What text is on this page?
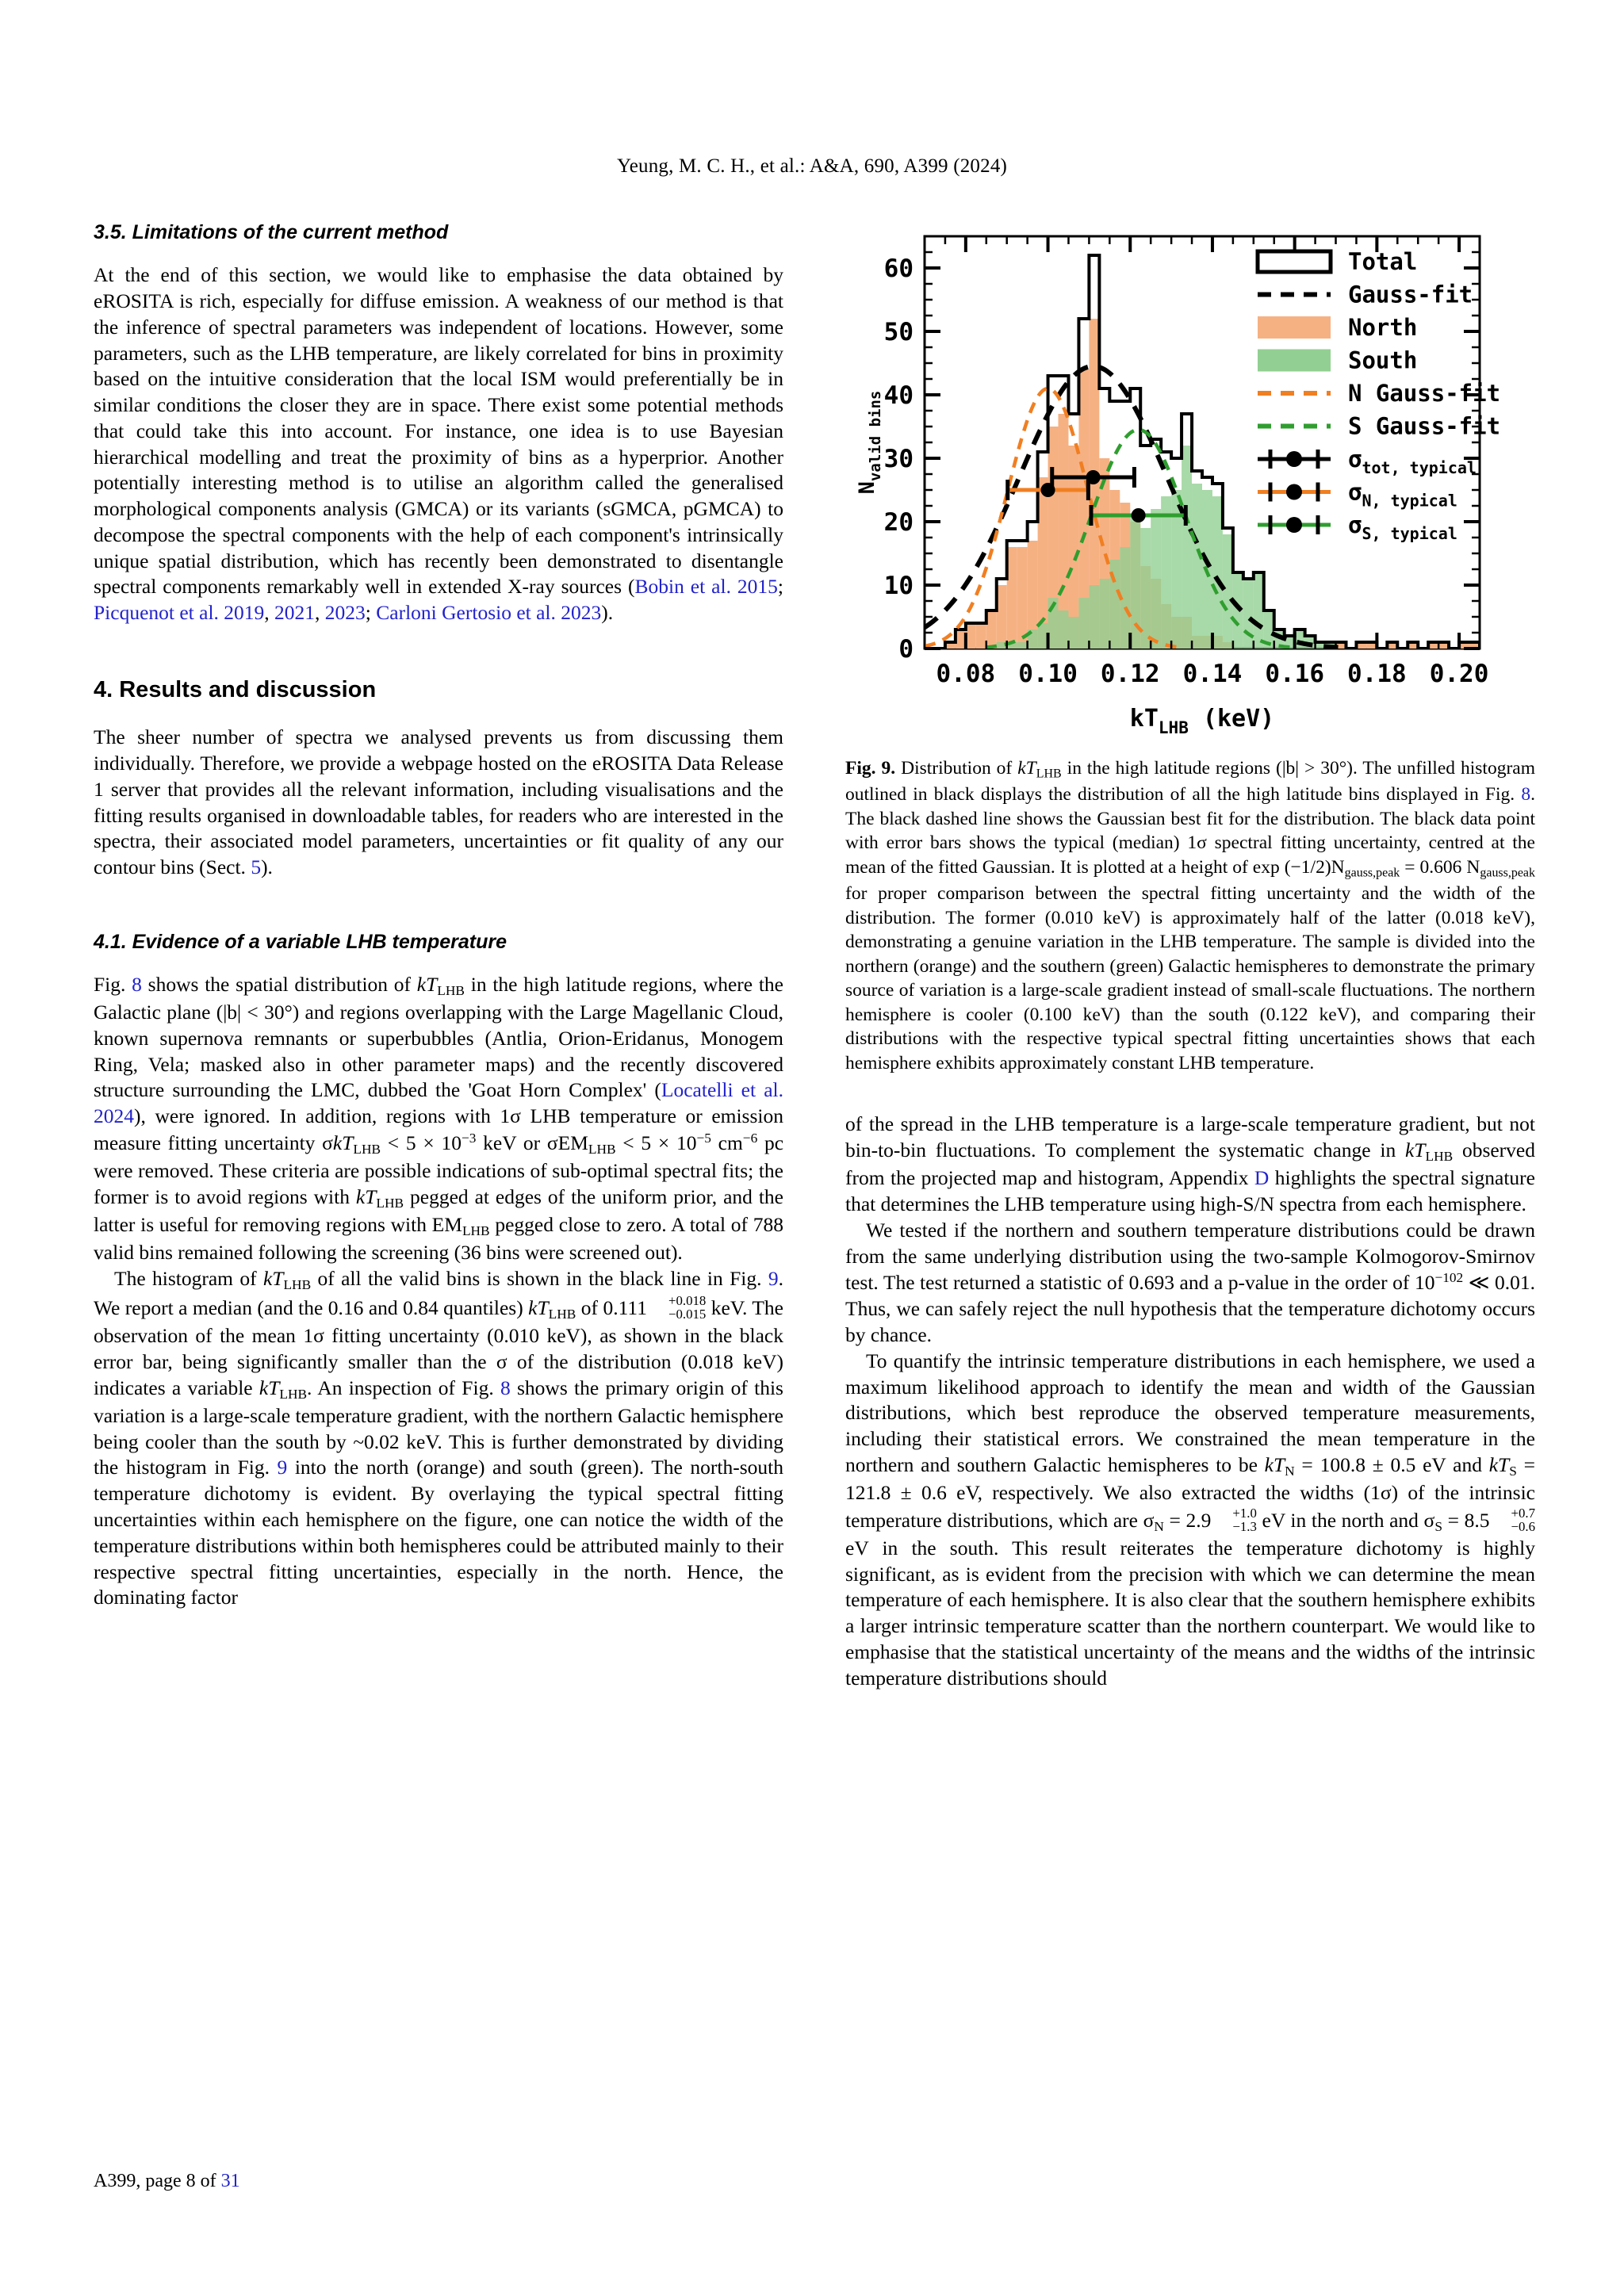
Yeung, M. C. H., et al.: A&A, 690, A399 (2024)
3.5. Limitations of the current method

At the end of this section, we would like to emphasise the data obtained by eROSITA is rich, especially for diffuse emission. A weakness of our method is that the inference of spectral parameters was independent of locations. However, some parameters, such as the LHB temperature, are likely correlated for bins in proximity based on the intuitive consideration that the local ISM would preferentially be in similar conditions the closer they are in space. There exist some potential methods that could take this into account. For instance, one idea is to use Bayesian hierarchical modelling and treat the proximity of bins as a hyperprior. Another potentially interesting method is to utilise an algorithm called the generalised morphological components analysis (GMCA) or its variants (sGMCA, pGMCA) to decompose the spectral components with the help of each component's intrinsically unique spatial distribution, which has recently been demonstrated to disentangle spectral components remarkably well in extended X-ray sources (Bobin et al. 2015; Picquenot et al. 2019, 2021, 2023; Carloni Gertosio et al. 2023).

4. Results and discussion

The sheer number of spectra we analysed prevents us from discussing them individually. Therefore, we provide a webpage hosted on the eROSITA Data Release 1 server that provides all the relevant information, including visualisations and the fitting results organised in downloadable tables, for readers who are interested in the spectra, their associated model parameters, uncertainties or fit quality of any our contour bins (Sect. 5).

4.1. Evidence of a variable LHB temperature

Fig. 8 shows the spatial distribution of $kT_{LHB}$ in the high latitude regions, where the Galactic plane (|b| < 30°) and regions overlapping with the Large Magellanic Cloud, known supernova remnants or superbubbles (Antlia, Orion-Eridanus, Monogem Ring, Vela; masked also in other parameter maps) and the recently discovered structure surrounding the LMC, dubbed the 'Goat Horn Complex' (Locatelli et al. 2024), were ignored. In addition, regions with 1σ LHB temperature or emission measure fitting uncertainty $\sigma kT_{LHB} < 5 \times 10^{-3}$ keV or $\sigma EM_{LHB} < 5 \times 10^{-5}$ $cm^{-6}$ pc were removed. These criteria are possible indications of sub-optimal spectral fits; the former is to avoid regions with $kT_{LHB}$ pegged at edges of the uniform prior, and the latter is useful for removing regions with $EM_{LHB}$ pegged close to zero. A total of 788 valid bins remained following the screening (36 bins were screened out).

The histogram of $kT_{LHB}$ of all the valid bins is shown in the black line in Fig. 9. We report a median (and the 0.16 and 0.84 quantiles) $kT_{LHB}$ of 0.111	+0.018
−0.015 keV. The observation of the mean 1σ fitting uncertainty (0.010 keV), as shown in the black error bar, being significantly smaller than the σ of the distribution (0.018 keV) indicates a variable $kT_{LHB}$. An inspection of Fig. 8 shows the primary origin of this variation is a large-scale temperature gradient, with the northern Galactic hemisphere being cooler than the south by ~0.02 keV. This is further demonstrated by dividing the histogram in Fig. 9 into the north (orange) and south (green). The north-south temperature dichotomy is evident. By overlaying the typical spectral fitting uncertainties within each hemisphere on the figure, one can notice the width of the temperature distributions within both hemispheres could be attributed mainly to their respective spectral fitting uncertainties, especially in the north. Hence, the dominating factor

0.08 0.10 0.12 0.14 0.16 0.18 0.20
0
10
20
30
40
50
60
$kT_{LHB}$ (keV)
$N_{valid bins}$
Total
Gauss-fit
North
South
N Gauss-fit
S Gauss-fit
$\sigma_{tot, typical}$
$\sigma_{N, typical}$
$\sigma_{S, typical}$
Fig. 9. Distribution of $kT_{LHB}$ in the high latitude regions (|b| > 30°). The unfilled histogram outlined in black displays the distribution of all the high latitude bins displayed in Fig. 8. The black dashed line shows the Gaussian best fit for the distribution. The black data point with error bars shows the typical (median) 1σ spectral fitting uncertainty, centred at the mean of the fitted Gaussian. It is plotted at a height of $\exp (-1/2)N_{gauss,peak} = 0.606$ $N_{gauss,peak}$ for proper comparison between the spectral fitting uncertainty and the width of the distribution. The former (0.010 keV) is approximately half of the latter (0.018 keV), demonstrating a genuine variation in the LHB temperature. The sample is divided into the northern (orange) and the southern (green) Galactic hemispheres to demonstrate the primary source of variation is a large-scale gradient instead of small-scale fluctuations. The northern hemisphere is cooler (0.100 keV) than the south (0.122 keV), and comparing their distributions with the respective typical spectral fitting uncertainties shows that each hemisphere exhibits approximately constant LHB temperature.

of the spread in the LHB temperature is a large-scale temperature gradient, but not bin-to-bin fluctuations. To complement the systematic change in $kT_{LHB}$ observed from the projected map and histogram, Appendix D highlights the spectral signature that determines the LHB temperature using high-S/N spectra from each hemisphere.

We tested if the northern and southern temperature distributions could be drawn from the same underlying distribution using the two-sample Kolmogorov-Smirnov test. The test returned a statistic of 0.693 and a p-value in the order of $10^{-102}$ ≪ 0.01. Thus, we can safely reject the null hypothesis that the temperature dichotomy occurs by chance.

To quantify the intrinsic temperature distributions in each hemisphere, we used a maximum likelihood approach to identify the mean and width of the Gaussian distributions, which best reproduce the observed temperature measurements, including their statistical errors. We constrained the mean temperature in the northern and southern Galactic hemispheres to be $kT_N = 100.8 \pm 0.5$ eV and $kT_S = 121.8 \pm 0.6$ eV, respectively. We also extracted the widths (1σ) of the intrinsic temperature distributions, which are $\sigma_N = 2.9$	+1.0
−1.3 eV in the north and $\sigma_S = 8.5$	+0.7
−0.6
eV in the south. This result reiterates the temperature dichotomy is highly significant, as is evident from the precision with which we can determine the mean temperature of each hemisphere. It is also clear that the southern hemisphere exhibits a larger intrinsic temperature scatter than the northern counterpart. We would like to emphasise that the statistical uncertainty of the means and the widths of the intrinsic temperature distributions should

A399, page 8 of 31
